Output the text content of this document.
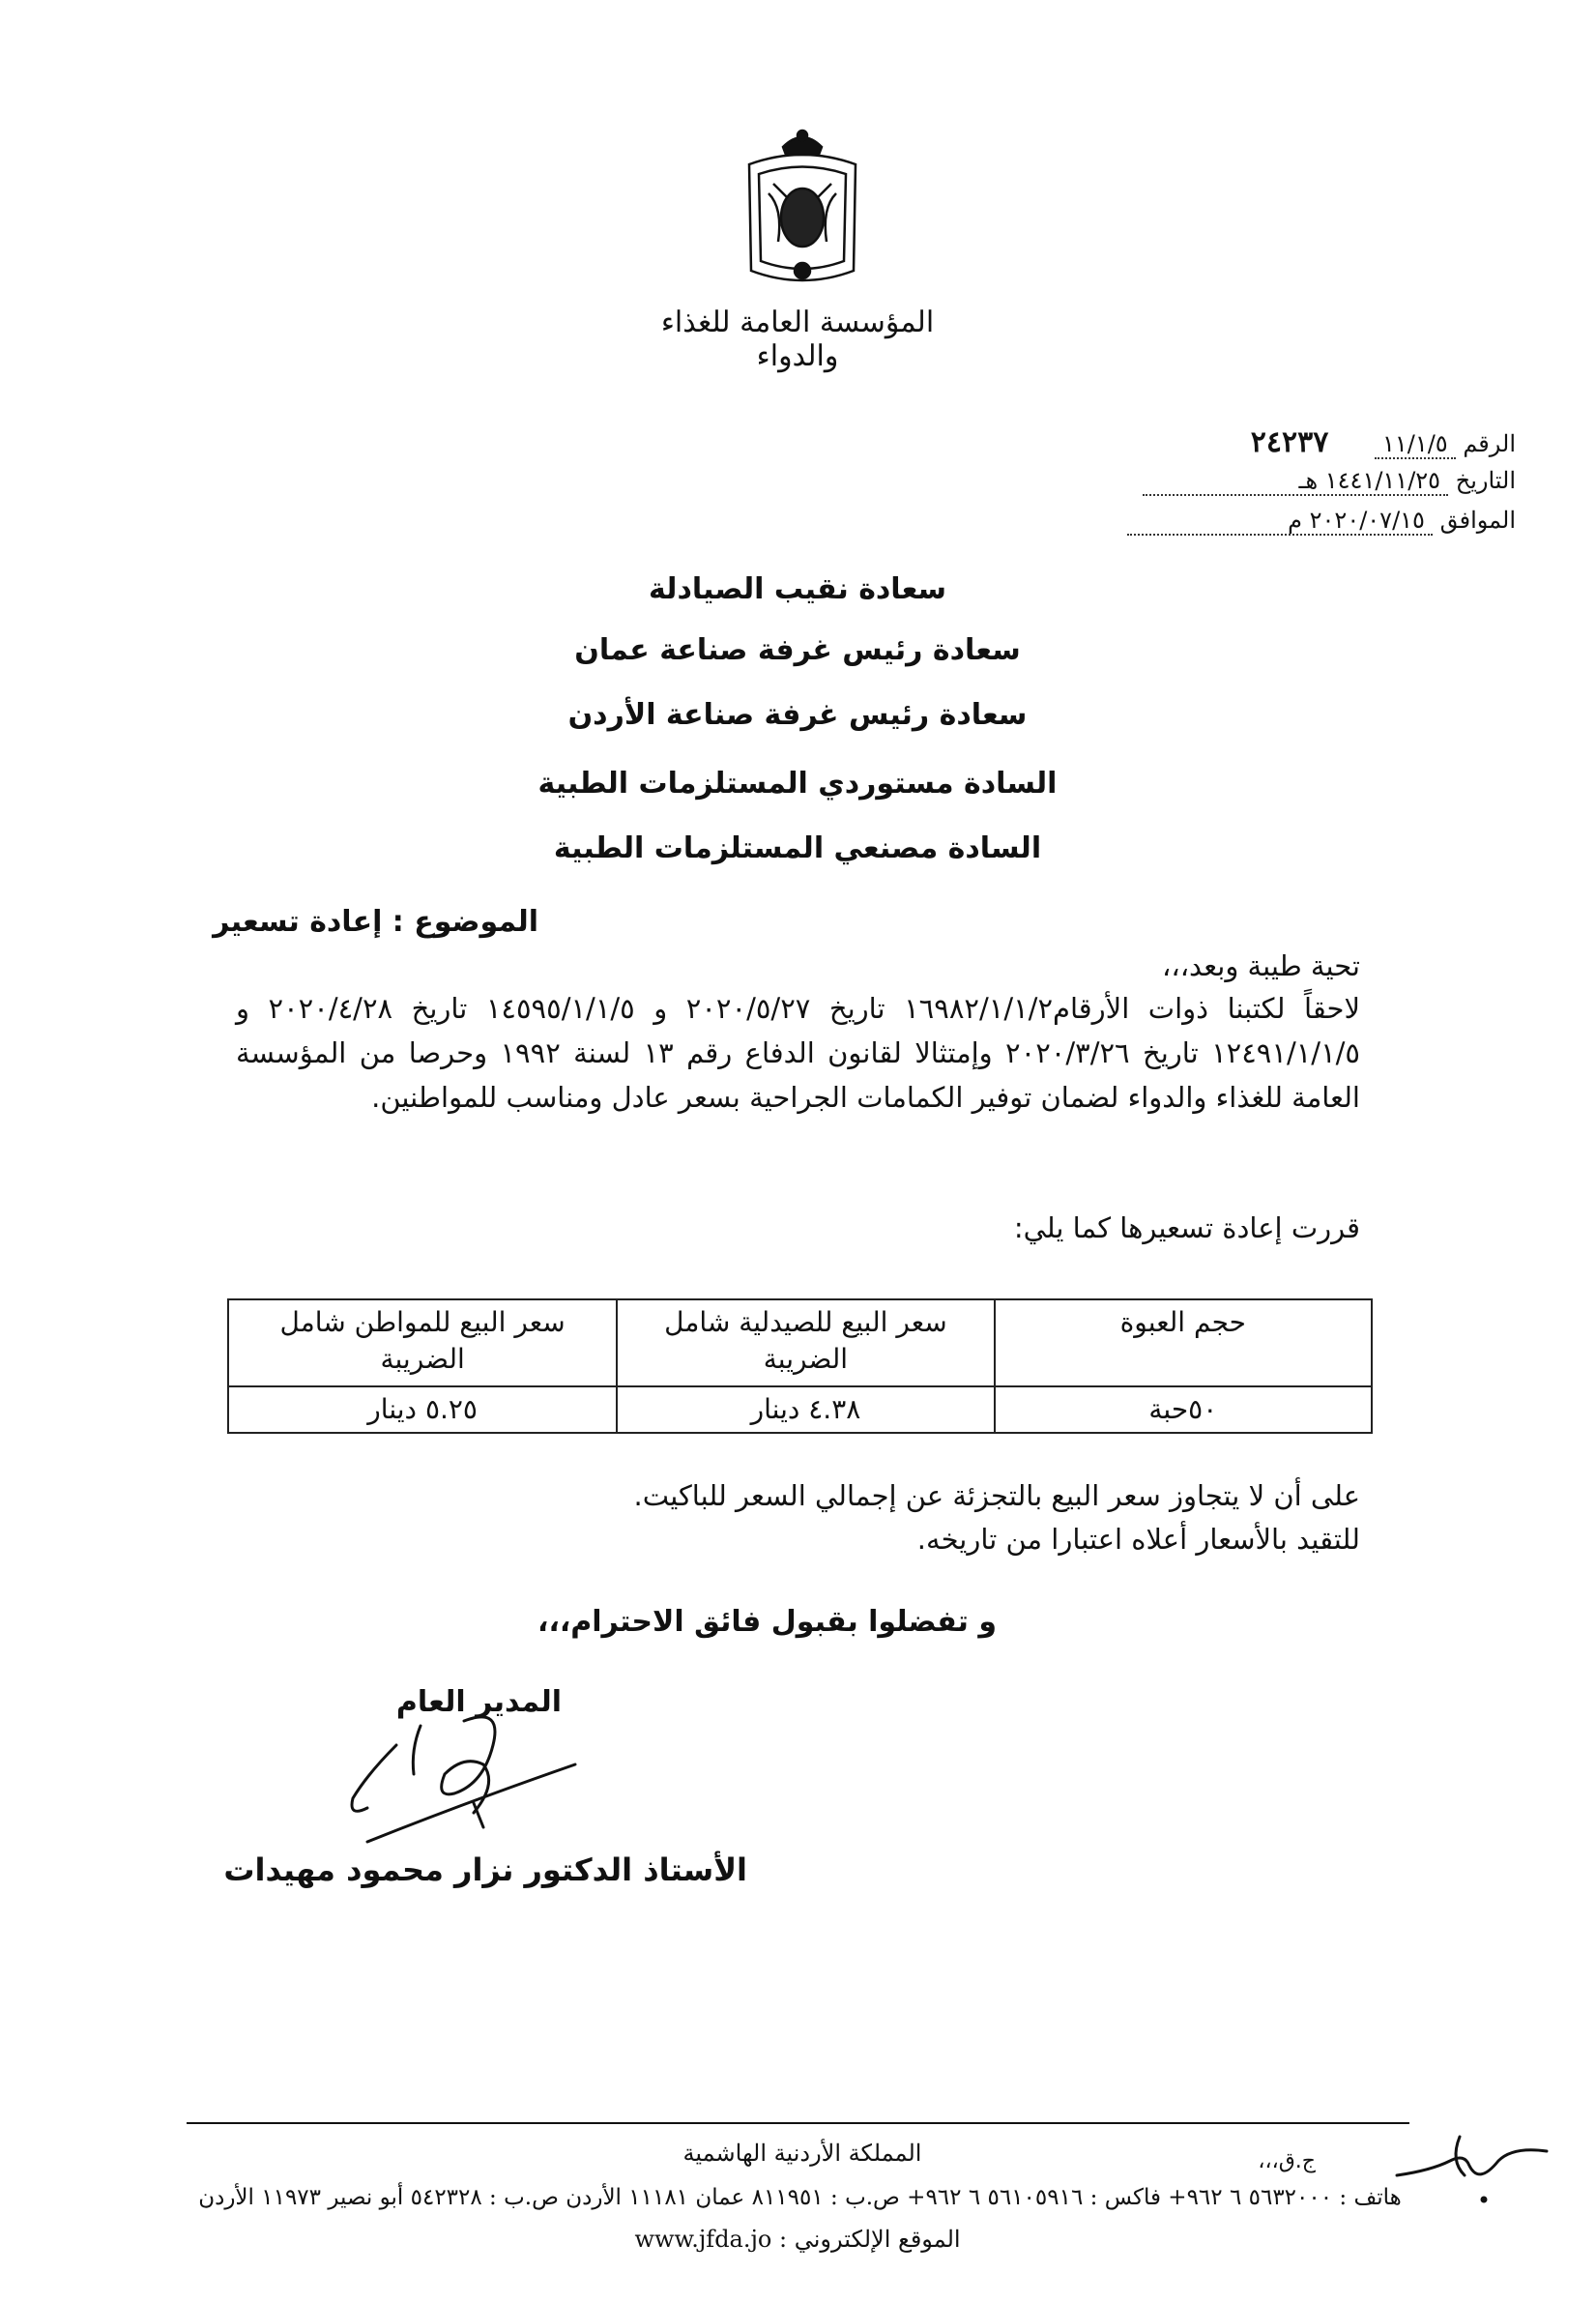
المؤسسة العامة للغذاء والدواء
الرقم ١١/١/٥ ٢٤٢٣٧
التاريخ ١٤٤١/١١/٢٥ هـ
الموافق ٢٠٢٠/٠٧/١٥ م
سعادة نقيب الصيادلة
سعادة رئيس غرفة صناعة عمان
سعادة رئيس غرفة صناعة الأردن
السادة مستوردي المستلزمات الطبية
السادة مصنعي المستلزمات الطبية
الموضوع : إعادة تسعير
تحية طيبة وبعد،،،
لاحقاً لكتبنا ذوات الأرقام١٦٩٨٢/١/١/٢ تاريخ ٢٠٢٠/٥/٢٧ و ١٤٥٩٥/١/١/٥ تاريخ ٢٠٢٠/٤/٢٨ و ١٢٤٩١/١/١/٥ تاريخ ٢٠٢٠/٣/٢٦ وإمتثالا لقانون الدفاع رقم ١٣ لسنة ١٩٩٢ وحرصا من المؤسسة العامة للغذاء والدواء لضمان توفير الكمامات الجراحية بسعر عادل ومناسب للمواطنين.
قررت إعادة تسعيرها كما يلي:
حجم العبوة	سعر البيع للصيدلية شامل الضريبة	سعر البيع للمواطن شامل الضريبة
٥٠حبة	٤.٣٨ دينار	٥.٢٥ دينار
على أن لا يتجاوز سعر البيع بالتجزئة عن إجمالي السعر للباكيت.
للتقيد بالأسعار أعلاه اعتبارا من تاريخه.
و تفضلوا بقبول فائق الاحترام،،،
المدير العام
الأستاذ الدكتور نزار محمود مهيدات
المملكة الأردنية الهاشمية	ج.ق،،،
هاتف : ٥٦٣٢٠٠٠ ٦ ٩٦٢+ فاكس : ٥٦١٠٥٩١٦ ٦ ٩٦٢+ ص.ب : ٨١١٩٥١ عمان ١١١٨١ الأردن ص.ب : ٥٤٢٣٢٨ أبو نصير ١١٩٧٣ الأردن
الموقع الإلكتروني : www.jfda.jo
